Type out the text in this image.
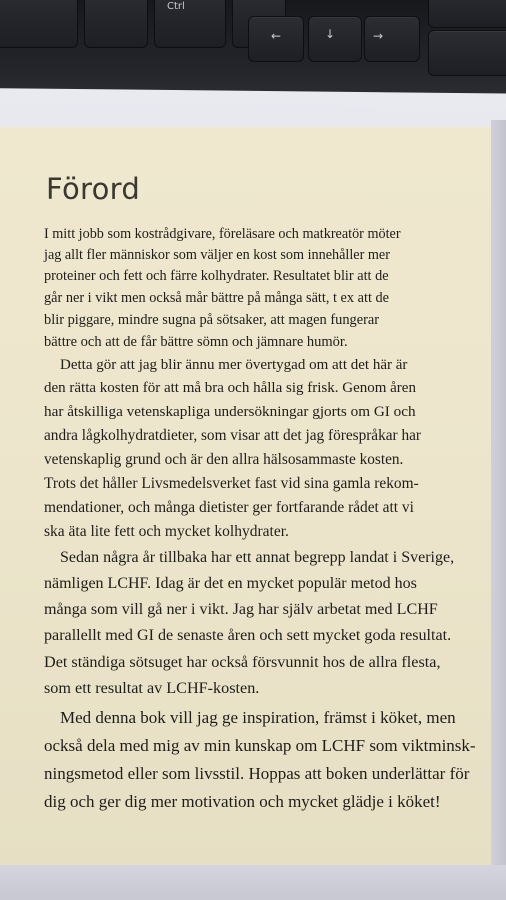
Ctrl
←	↓	→
Förord
I mitt jobb som kostrådgivare, föreläsare och matkreatör möter
jag allt fler människor som väljer en kost som innehåller mer
proteiner och fett och färre kolhydrater. Resultatet blir att de
går ner i vikt men också mår bättre på många sätt, t ex att de
blir piggare, mindre sugna på sötsaker, att magen fungerar
bättre och att de får bättre sömn och jämnare humör.
Detta gör att jag blir ännu mer övertygad om att det här är
den rätta kosten för att må bra och hålla sig frisk. Genom åren
har åtskilliga vetenskapliga undersökningar gjorts om GI och
andra lågkolhydratdieter, som visar att det jag förespråkar har
vetenskaplig grund och är den allra hälsosammaste kosten.
Trots det håller Livsmedelsverket fast vid sina gamla rekom-
mendationer, och många dietister ger fortfarande rådet att vi
ska äta lite fett och mycket kolhydrater.
Sedan några år tillbaka har ett annat begrepp landat i Sverige,
nämligen LCHF. Idag är det en mycket populär metod hos
många som vill gå ner i vikt. Jag har själv arbetat med LCHF
parallellt med GI de senaste åren och sett mycket goda resultat.
Det ständiga sötsuget har också försvunnit hos de allra flesta,
som ett resultat av LCHF-kosten.
Med denna bok vill jag ge inspiration, främst i köket, men
också dela med mig av min kunskap om LCHF som viktminsk-
ningsmetod eller som livsstil. Hoppas att boken underlättar för
dig och ger dig mer motivation och mycket glädje i köket!
